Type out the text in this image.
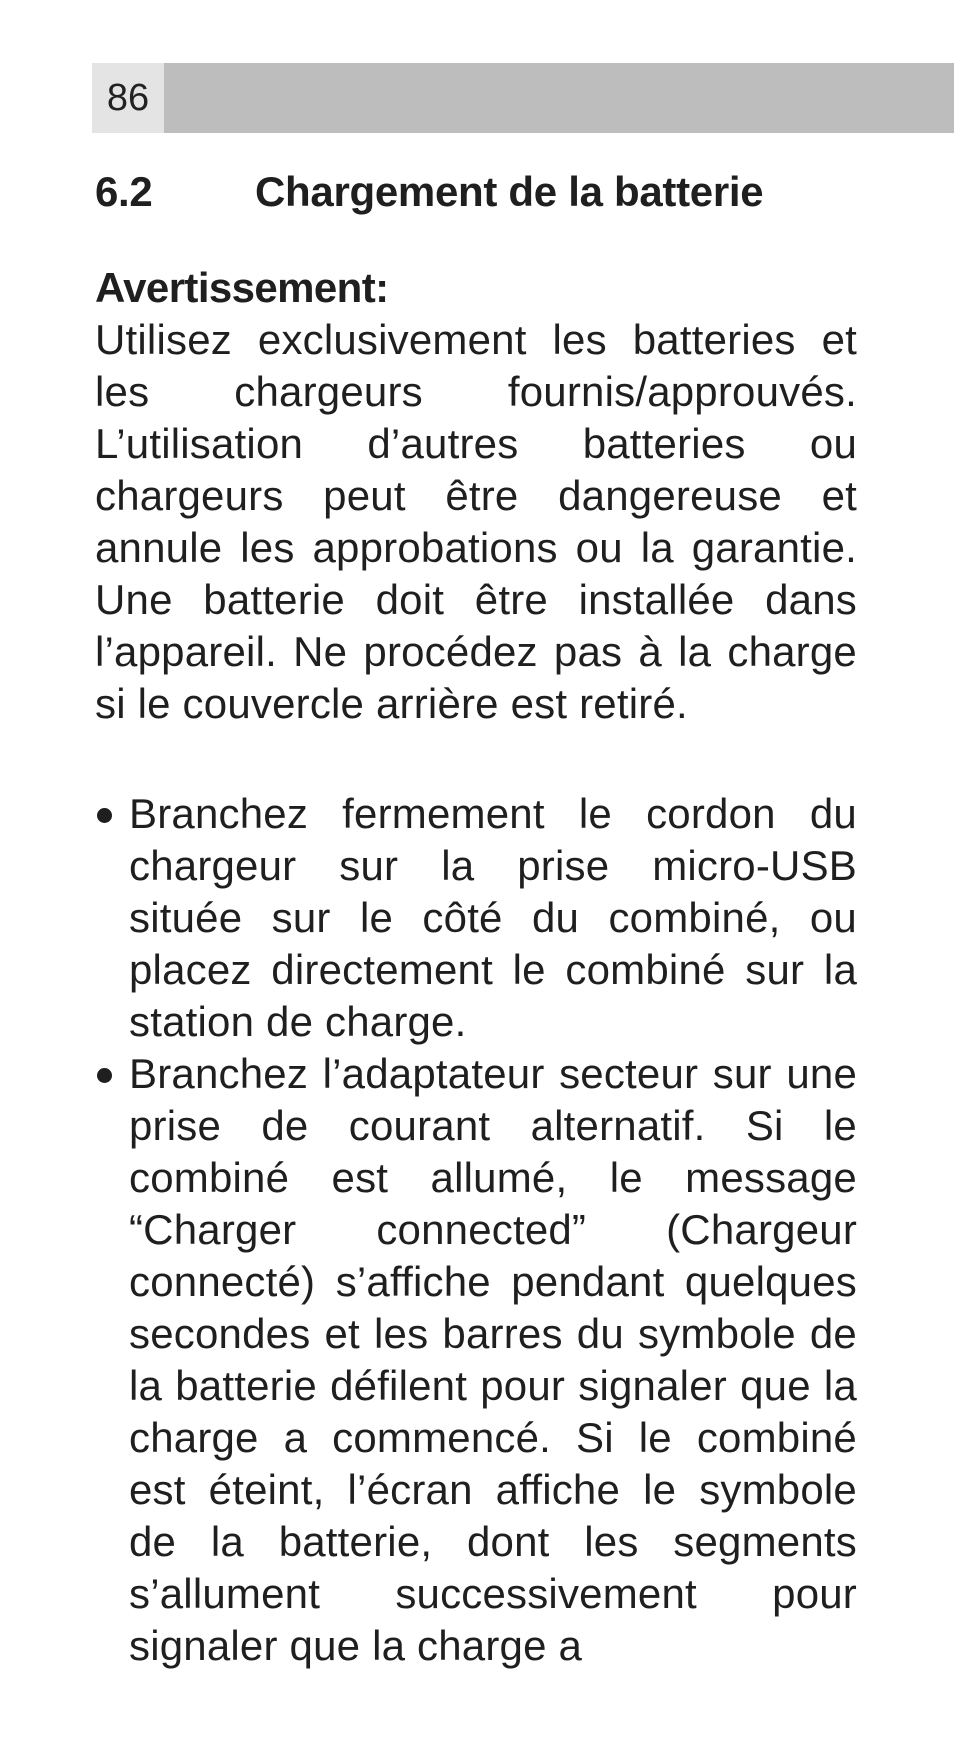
86
6.2	Chargement de la batterie

Avertissement:

Utilisez exclusivement les batteries et les chargeurs fournis/approuvés. L’utilisation d’autres batteries ou chargeurs peut être dangereuse et annule les approbations ou la garantie. Une batterie doit être installée dans l’appareil. Ne procédez pas à la charge si le couvercle arrière est retiré.

Branchez fermement le cordon du chargeur sur la prise micro-USB située sur le côté du combiné, ou placez directement le combiné sur la station de charge.
Branchez l’adaptateur secteur sur une prise de courant alternatif. Si le combiné est allumé, le message “Charger connected” (Chargeur connecté) s’affiche pendant quelques secondes et les barres du symbole de la batterie défilent pour signaler que la charge a commencé. Si le combiné est éteint, l’écran affiche le symbole de la batterie, dont les segments s’allument successivement pour signaler que la charge a
